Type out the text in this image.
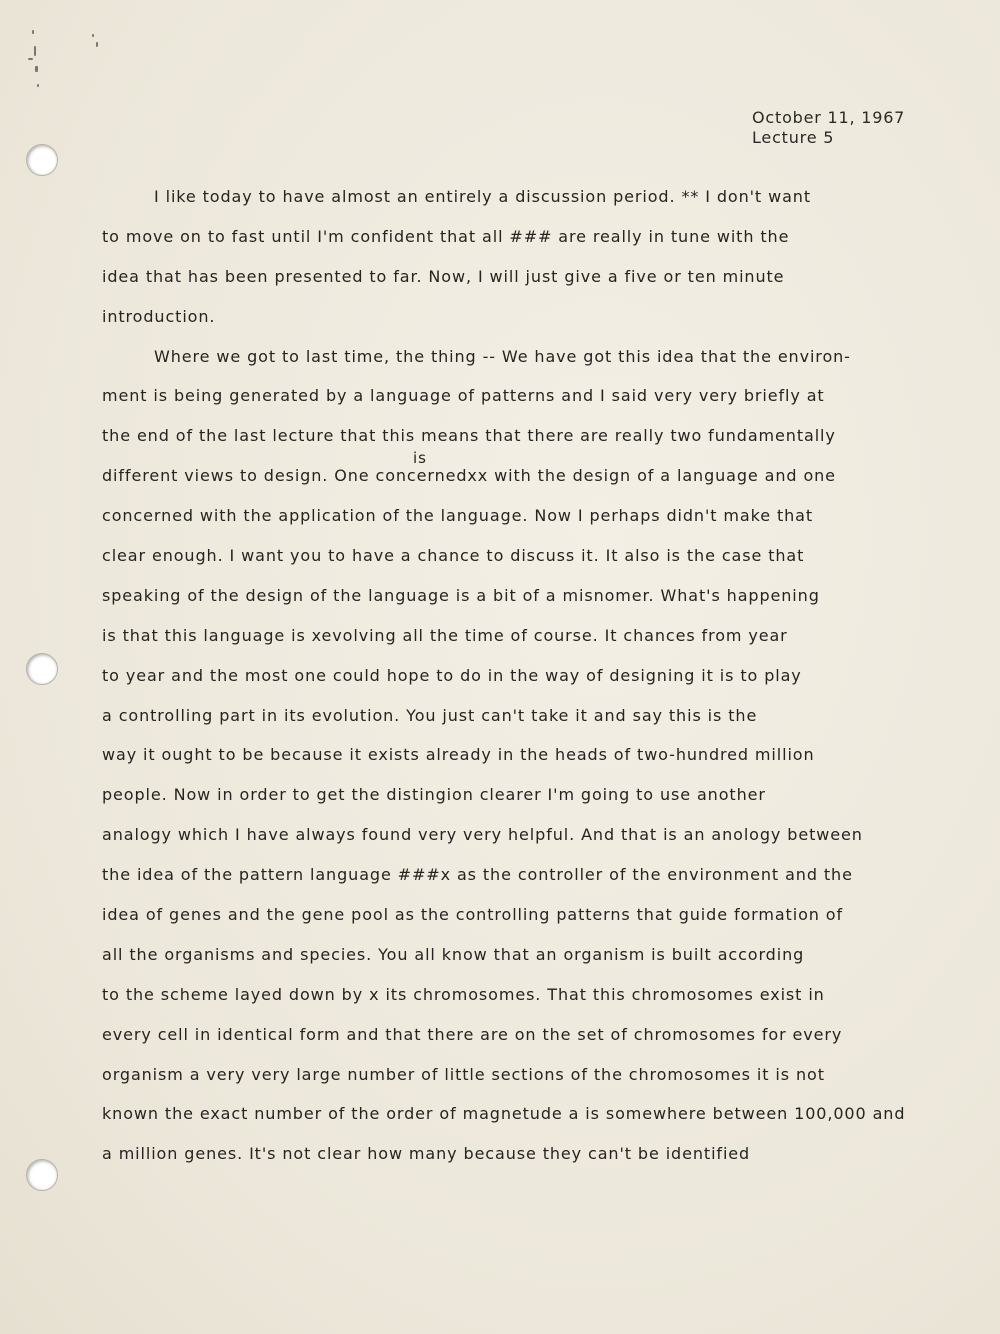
October 11, 1967
Lecture 5
is
I like today to have almost an entirely a discussion period. ** I don't want
to move on to fast until I'm confident that all ### are really in tune with the
idea that has been presented to far. Now, I will just give a five or ten minute
introduction.
Where we got to last time, the thing -- We have got this idea that the environ-
ment is being generated by a language of patterns and I said very very briefly at
the end of the last lecture that this means that there are really two fundamentally
different views to design. One concernedxx with the design of a language and one
concerned with the application of the language. Now I perhaps didn't make that
clear enough. I want you to have a chance to discuss it. It also is the case that
speaking of the design of the language is a bit of a misnomer. What's happening
is that this language is xevolving all the time of course. It chances from year
to year and the most one could hope to do in the way of designing it is to play
a controlling part in its evolution. You just can't take it and say this is the
way it ought to be because it exists already in the heads of two-hundred million
people. Now in order to get the distingion clearer I'm going to use another
analogy which I have always found very very helpful. And that is an anology between
the idea of the pattern language ###x as the controller of the environment and the
idea of genes and the gene pool as the controlling patterns that guide formation of
all the organisms and species. You all know that an organism is built according
to the scheme layed down by x its chromosomes. That this chromosomes exist in
every cell in identical form and that there are on the set of chromosomes for every
organism a very very large number of little sections of the chromosomes it is not
known the exact number of the order of magnetude a is somewhere between 100,000 and
a million genes. It's not clear how many because they can't be identified
